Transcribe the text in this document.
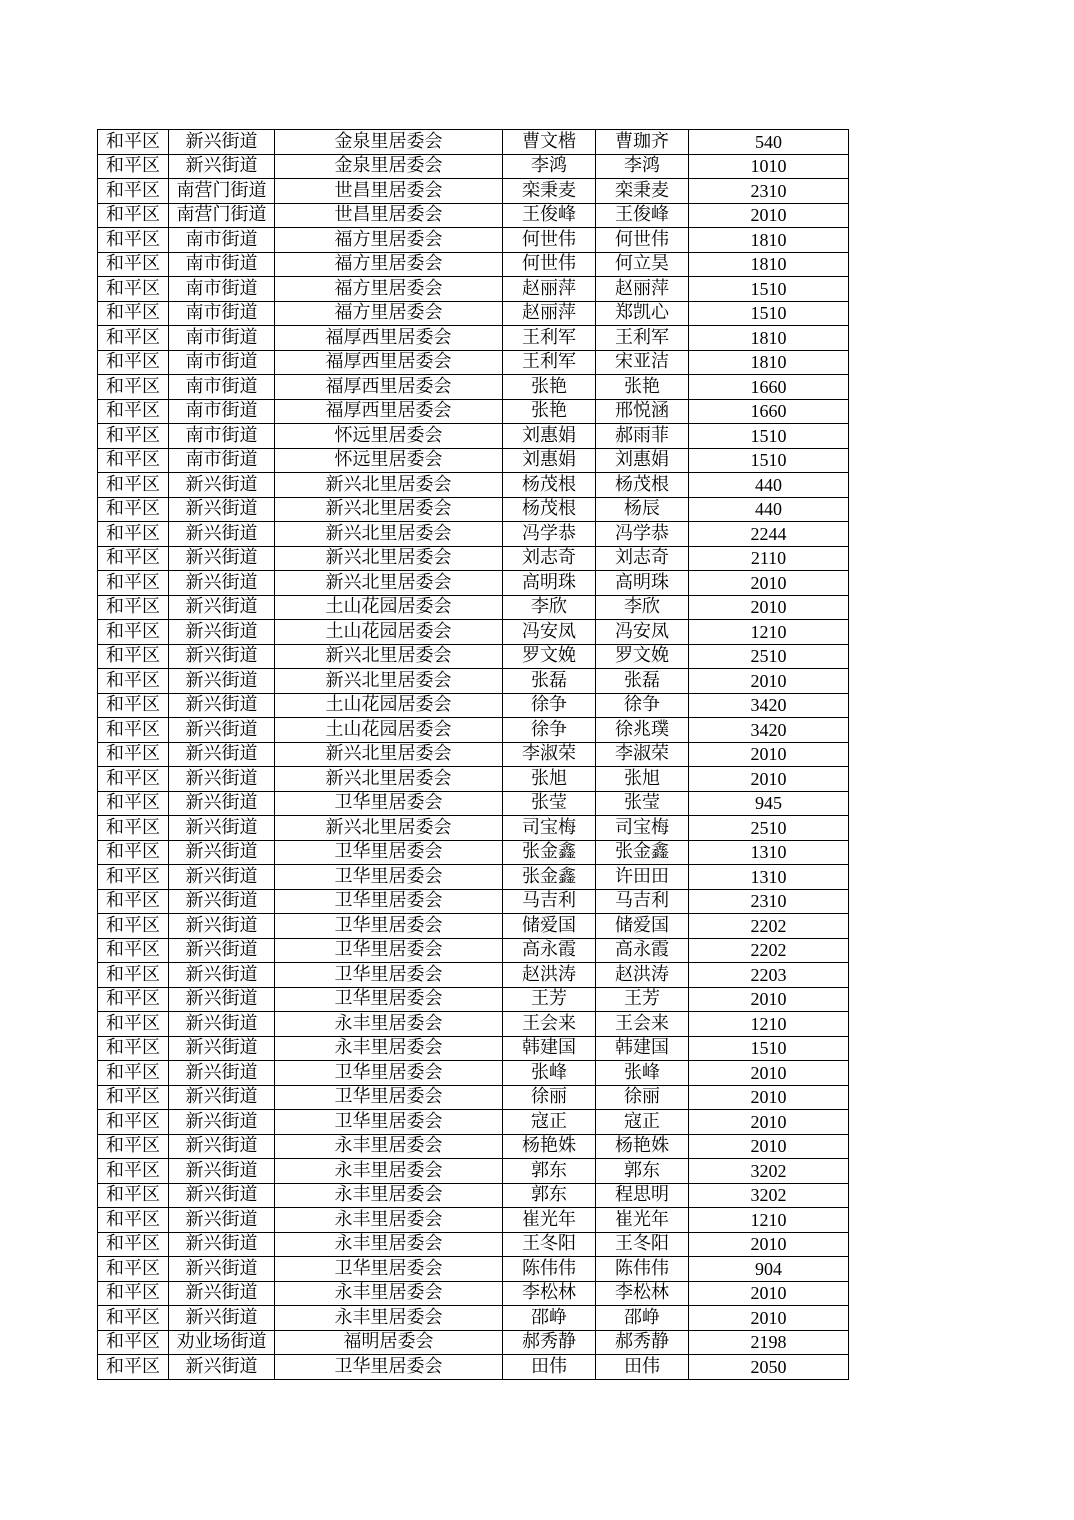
和平区	新兴街道	金泉里居委会	曹文楷	曹珈齐	540
和平区	新兴街道	金泉里居委会	李鸿	李鸿	1010
和平区	南营门街道	世昌里居委会	栾秉麦	栾秉麦	2310
和平区	南营门街道	世昌里居委会	王俊峰	王俊峰	2010
和平区	南市街道	福方里居委会	何世伟	何世伟	1810
和平区	南市街道	福方里居委会	何世伟	何立昊	1810
和平区	南市街道	福方里居委会	赵丽萍	赵丽萍	1510
和平区	南市街道	福方里居委会	赵丽萍	郑凯心	1510
和平区	南市街道	福厚西里居委会	王利军	王利军	1810
和平区	南市街道	福厚西里居委会	王利军	宋亚洁	1810
和平区	南市街道	福厚西里居委会	张艳	张艳	1660
和平区	南市街道	福厚西里居委会	张艳	邢悦涵	1660
和平区	南市街道	怀远里居委会	刘惠娟	郝雨菲	1510
和平区	南市街道	怀远里居委会	刘惠娟	刘惠娟	1510
和平区	新兴街道	新兴北里居委会	杨茂根	杨茂根	440
和平区	新兴街道	新兴北里居委会	杨茂根	杨辰	440
和平区	新兴街道	新兴北里居委会	冯学恭	冯学恭	2244
和平区	新兴街道	新兴北里居委会	刘志奇	刘志奇	2110
和平区	新兴街道	新兴北里居委会	高明珠	高明珠	2010
和平区	新兴街道	土山花园居委会	李欣	李欣	2010
和平区	新兴街道	土山花园居委会	冯安凤	冯安凤	1210
和平区	新兴街道	新兴北里居委会	罗文娩	罗文娩	2510
和平区	新兴街道	新兴北里居委会	张磊	张磊	2010
和平区	新兴街道	土山花园居委会	徐争	徐争	3420
和平区	新兴街道	土山花园居委会	徐争	徐兆璞	3420
和平区	新兴街道	新兴北里居委会	李淑荣	李淑荣	2010
和平区	新兴街道	新兴北里居委会	张旭	张旭	2010
和平区	新兴街道	卫华里居委会	张莹	张莹	945
和平区	新兴街道	新兴北里居委会	司宝梅	司宝梅	2510
和平区	新兴街道	卫华里居委会	张金鑫	张金鑫	1310
和平区	新兴街道	卫华里居委会	张金鑫	许田田	1310
和平区	新兴街道	卫华里居委会	马吉利	马吉利	2310
和平区	新兴街道	卫华里居委会	储爱国	储爱国	2202
和平区	新兴街道	卫华里居委会	高永霞	高永霞	2202
和平区	新兴街道	卫华里居委会	赵洪涛	赵洪涛	2203
和平区	新兴街道	卫华里居委会	王芳	王芳	2010
和平区	新兴街道	永丰里居委会	王会来	王会来	1210
和平区	新兴街道	永丰里居委会	韩建国	韩建国	1510
和平区	新兴街道	卫华里居委会	张峰	张峰	2010
和平区	新兴街道	卫华里居委会	徐丽	徐丽	2010
和平区	新兴街道	卫华里居委会	寇正	寇正	2010
和平区	新兴街道	永丰里居委会	杨艳姝	杨艳姝	2010
和平区	新兴街道	永丰里居委会	郭东	郭东	3202
和平区	新兴街道	永丰里居委会	郭东	程思明	3202
和平区	新兴街道	永丰里居委会	崔光年	崔光年	1210
和平区	新兴街道	永丰里居委会	王冬阳	王冬阳	2010
和平区	新兴街道	卫华里居委会	陈伟伟	陈伟伟	904
和平区	新兴街道	永丰里居委会	李松林	李松林	2010
和平区	新兴街道	永丰里居委会	邵峥	邵峥	2010
和平区	劝业场街道	福明居委会	郝秀静	郝秀静	2198
和平区	新兴街道	卫华里居委会	田伟	田伟	2050
